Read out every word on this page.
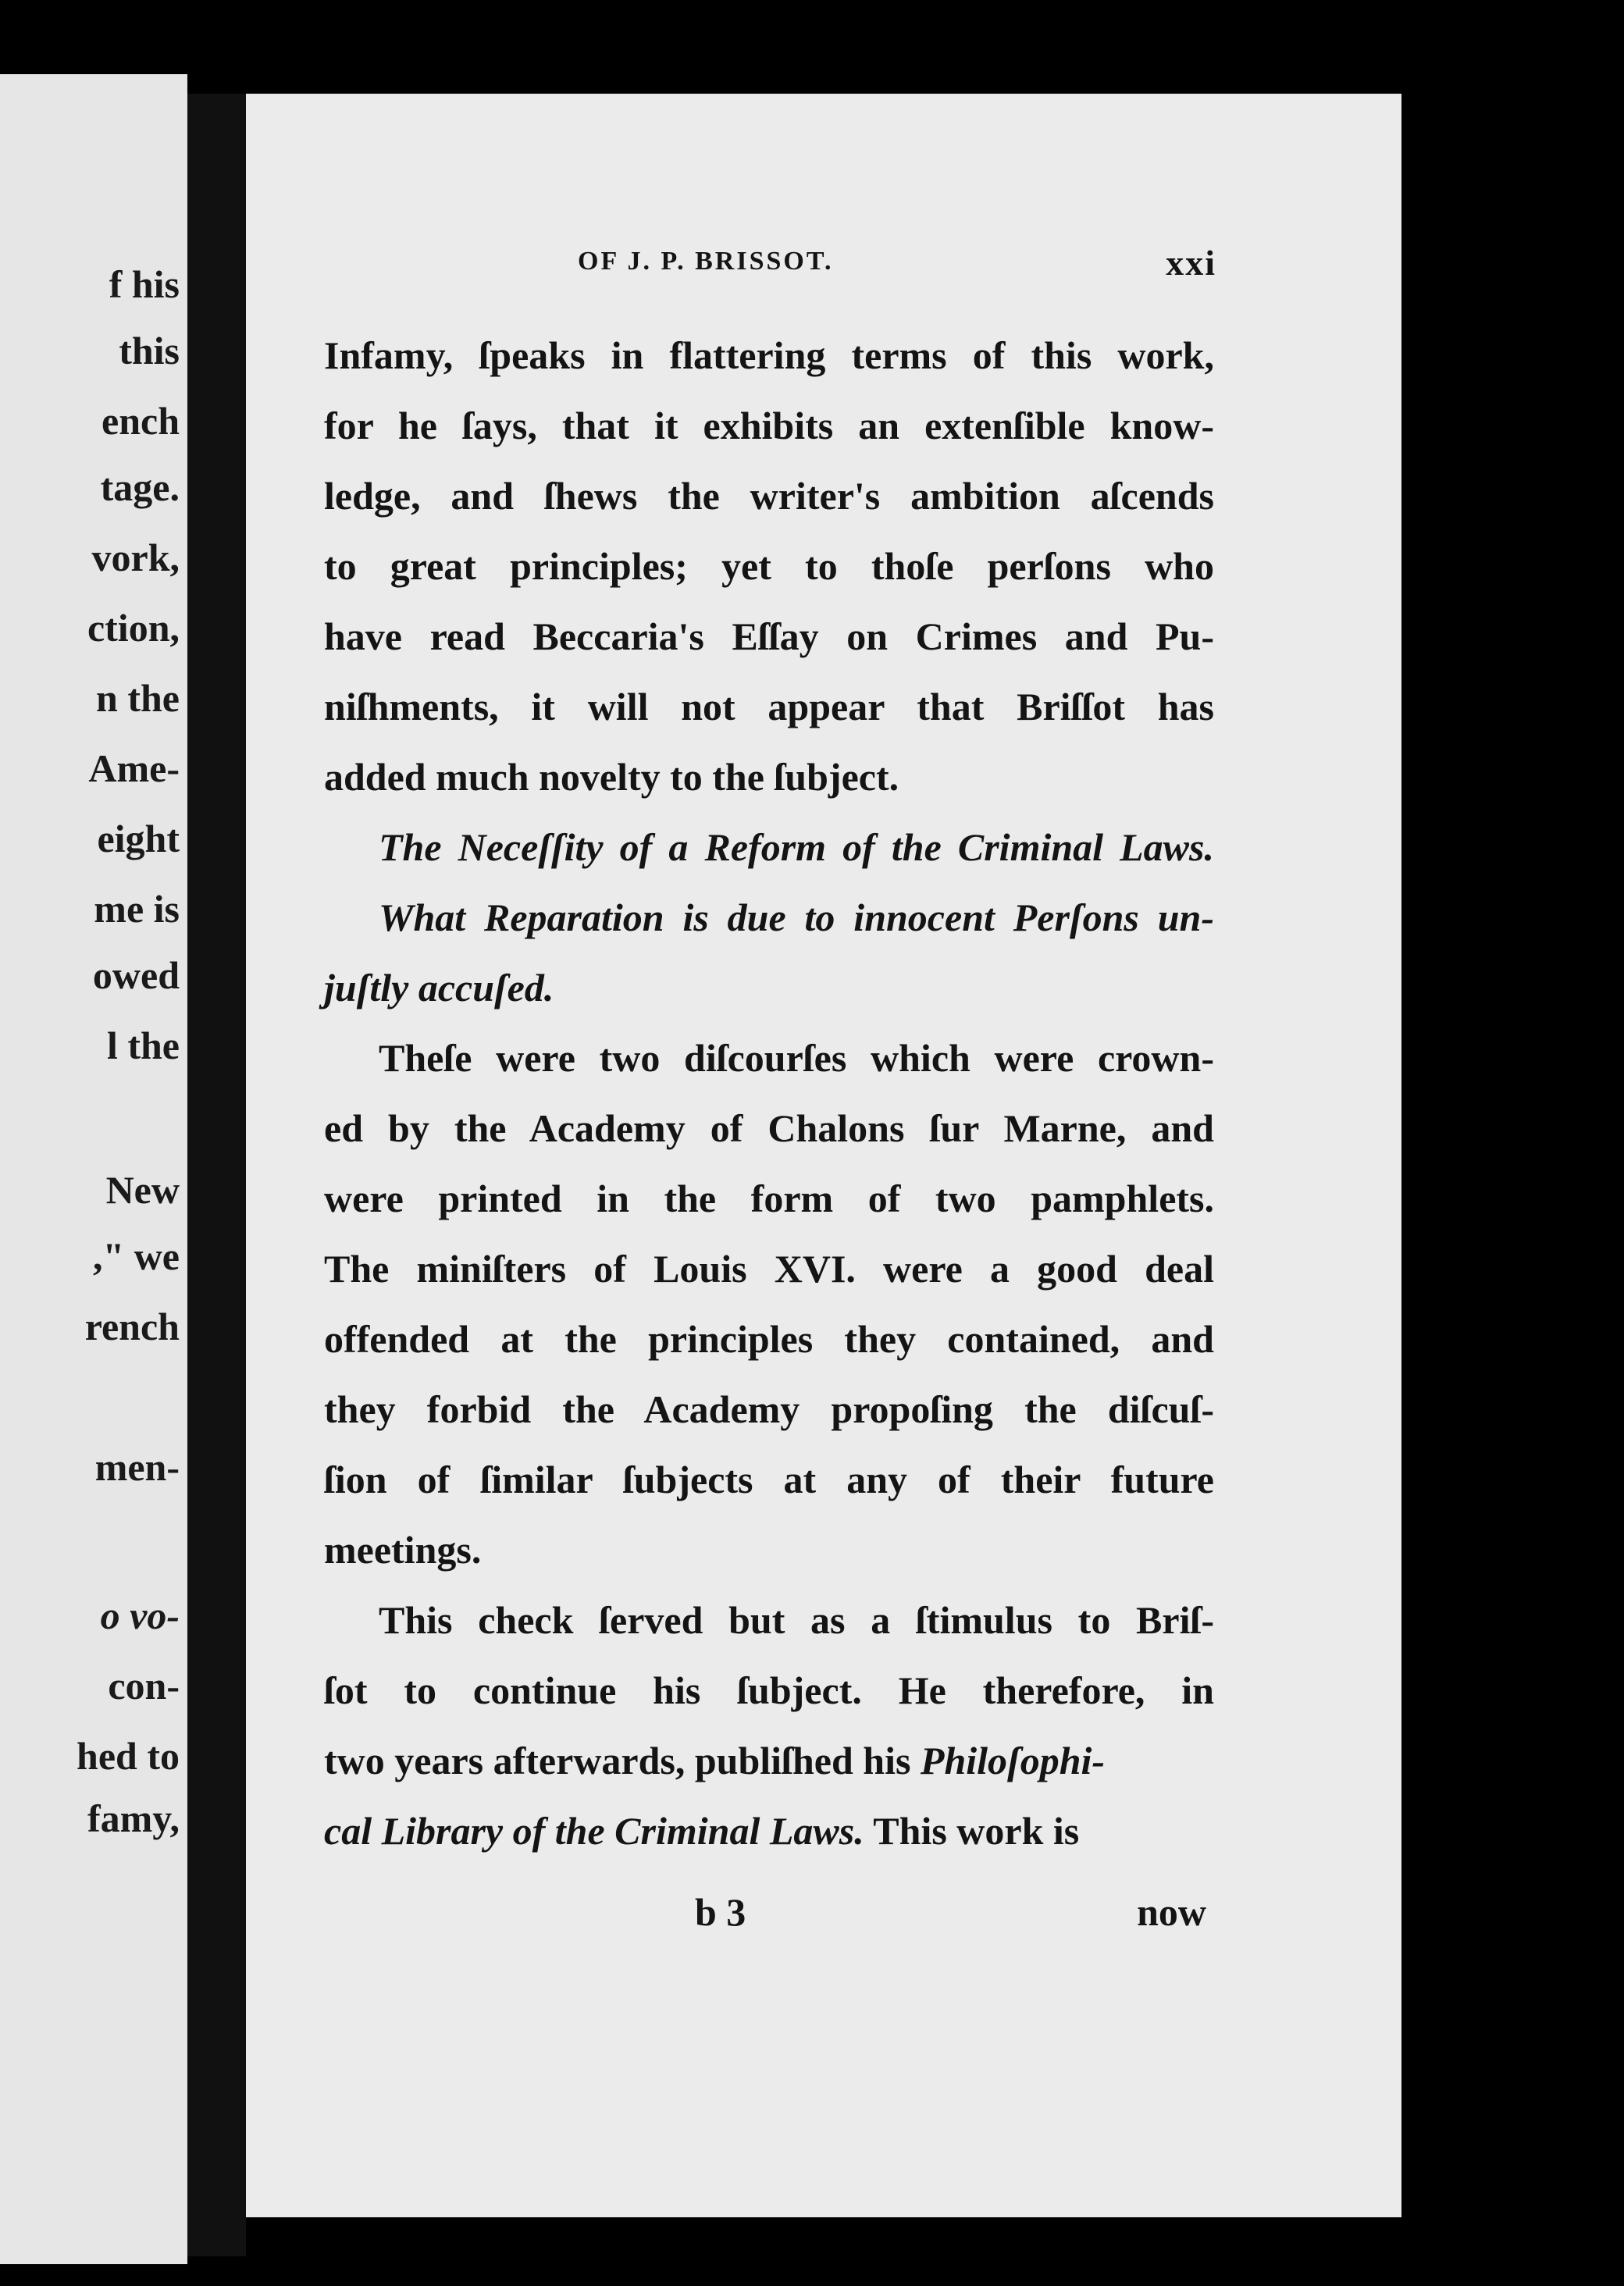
f his
this
ench
tage.
vork,
ction,
n the
Ame-
eight
me is
owed
l the
New
," we
rench
men-
o vo-
con-
hed to
famy,
OF J. P. BRISSOT.	xxi
Infamy, ſpeaks in flattering terms of this work,
for he ſays, that it exhibits an extenſible know-
ledge, and ſhews the writer's ambition aſcends
to great principles; yet to thoſe perſons who
have read Beccaria's Eſſay on Crimes and Pu-
niſhments, it will not appear that Briſſot has
added much novelty to the ſubject.
The Neceſſity of a Reform of the Criminal Laws.
What Reparation is due to innocent Perſons un-
juſtly accuſed.
Theſe were two diſcourſes which were crown-
ed by the Academy of Chalons ſur Marne, and
were printed in the form of two pamphlets.
The miniſters of Louis XVI. were a good deal
offended at the principles they contained, and
they forbid the Academy propoſing the diſcuſ-
ſion of ſimilar ſubjects at any of their future
meetings.
This check ſerved but as a ſtimulus to Briſ-
ſot to continue his ſubject. He therefore, in
two years afterwards, publiſhed his Philoſophi-
cal Library of the Criminal Laws. This work is
b 3	now
